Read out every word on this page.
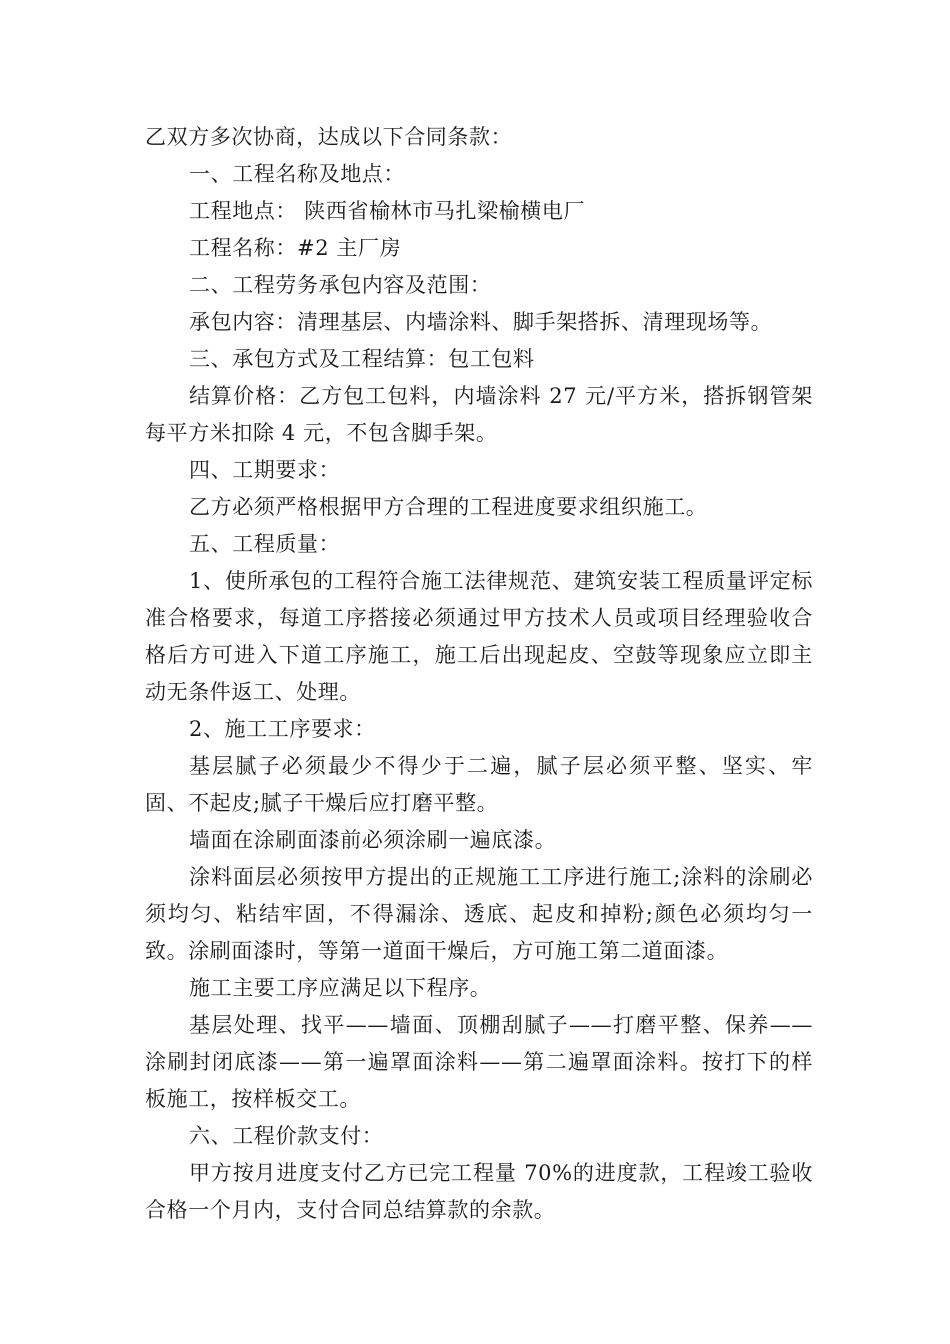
乙双方多次协商，达成以下合同条款：

一、工程名称及地点：

工程地点： 陕西省榆林市马扎梁榆横电厂

工程名称：#2 主厂房

二、工程劳务承包内容及范围：

承包内容：清理基层、内墙涂料、脚手架搭拆、清理现场等。

三、承包方式及工程结算：包工包料

结算价格：乙方包工包料，内墙涂料 27 元/平方米，搭拆钢管架每平方米扣除 4 元，不包含脚手架。

四、工期要求：

乙方必须严格根据甲方合理的工程进度要求组织施工。

五、工程质量：

1、使所承包的工程符合施工法律规范、建筑安装工程质量评定标准合格要求，每道工序搭接必须通过甲方技术人员或项目经理验收合格后方可进入下道工序施工，施工后出现起皮、空鼓等现象应立即主动无条件返工、处理。

2、施工工序要求：

基层腻子必须最少不得少于二遍，腻子层必须平整、坚实、牢固、不起皮;腻子干燥后应打磨平整。

墙面在涂刷面漆前必须涂刷一遍底漆。

涂料面层必须按甲方提出的正规施工工序进行施工;涂料的涂刷必须均匀、粘结牢固，不得漏涂、透底、起皮和掉粉;颜色必须均匀一致。涂刷面漆时，等第一道面干燥后，方可施工第二道面漆。

施工主要工序应满足以下程序。

基层处理、找平——墙面、顶棚刮腻子——打磨平整、保养——涂刷封闭底漆——第一遍罩面涂料——第二遍罩面涂料。按打下的样板施工，按样板交工。

六、工程价款支付：

甲方按月进度支付乙方已完工程量 70%的进度款，工程竣工验收合格一个月内，支付合同总结算款的余款。
